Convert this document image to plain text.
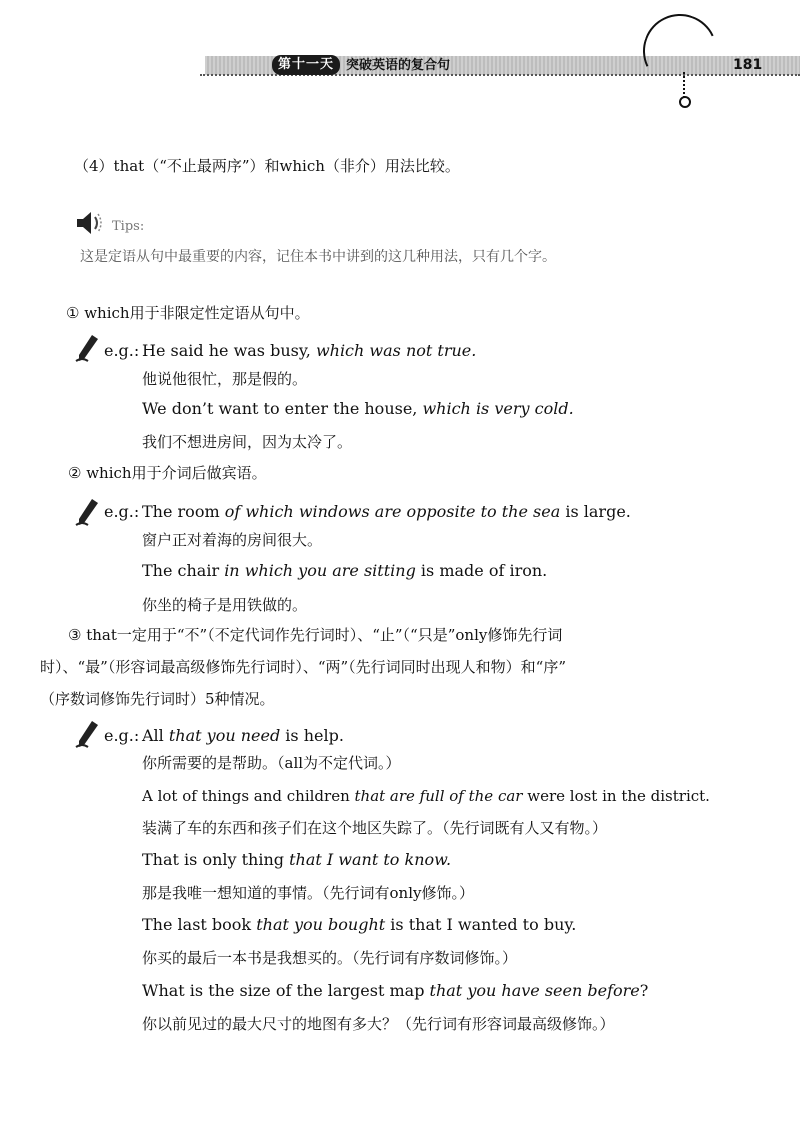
第十一天 突破英语的复合句	181
（4）that（“不止最两序”）和which（非介）用法比较。
Tips:
这是定语从句中最重要的内容，记住本书中讲到的这几种用法，只有几个字。
① which用于非限定性定语从句中。
e.g.: He said he was busy, which was not true.
他说他很忙，那是假的。
We don’t want to enter the house, which is very cold.
我们不想进房间，因为太冷了。
② which用于介词后做宾语。
e.g.: The room of which windows are opposite to the sea is large.
窗户正对着海的房间很大。
The chair in which you are sitting is made of iron.
你坐的椅子是用铁做的。
③ that一定用于“不”（不定代词作先行词时）、“止”（“只是”only修饰先行词
时）、“最”（形容词最高级修饰先行词时）、“两”（先行词同时出现人和物）和“序”
（序数词修饰先行词时）5种情况。
e.g.: All that you need is help.
你所需要的是帮助。（all为不定代词。）
A lot of things and children that are full of the car were lost in the district.
装满了车的东西和孩子们在这个地区失踪了。（先行词既有人又有物。）
That is only thing that I want to know.
那是我唯一想知道的事情。（先行词有only修饰。）
The last book that you bought is that I wanted to buy.
你买的最后一本书是我想买的。（先行词有序数词修饰。）
What is the size of the largest map that you have seen before?
你以前见过的最大尺寸的地图有多大？（先行词有形容词最高级修饰。）
